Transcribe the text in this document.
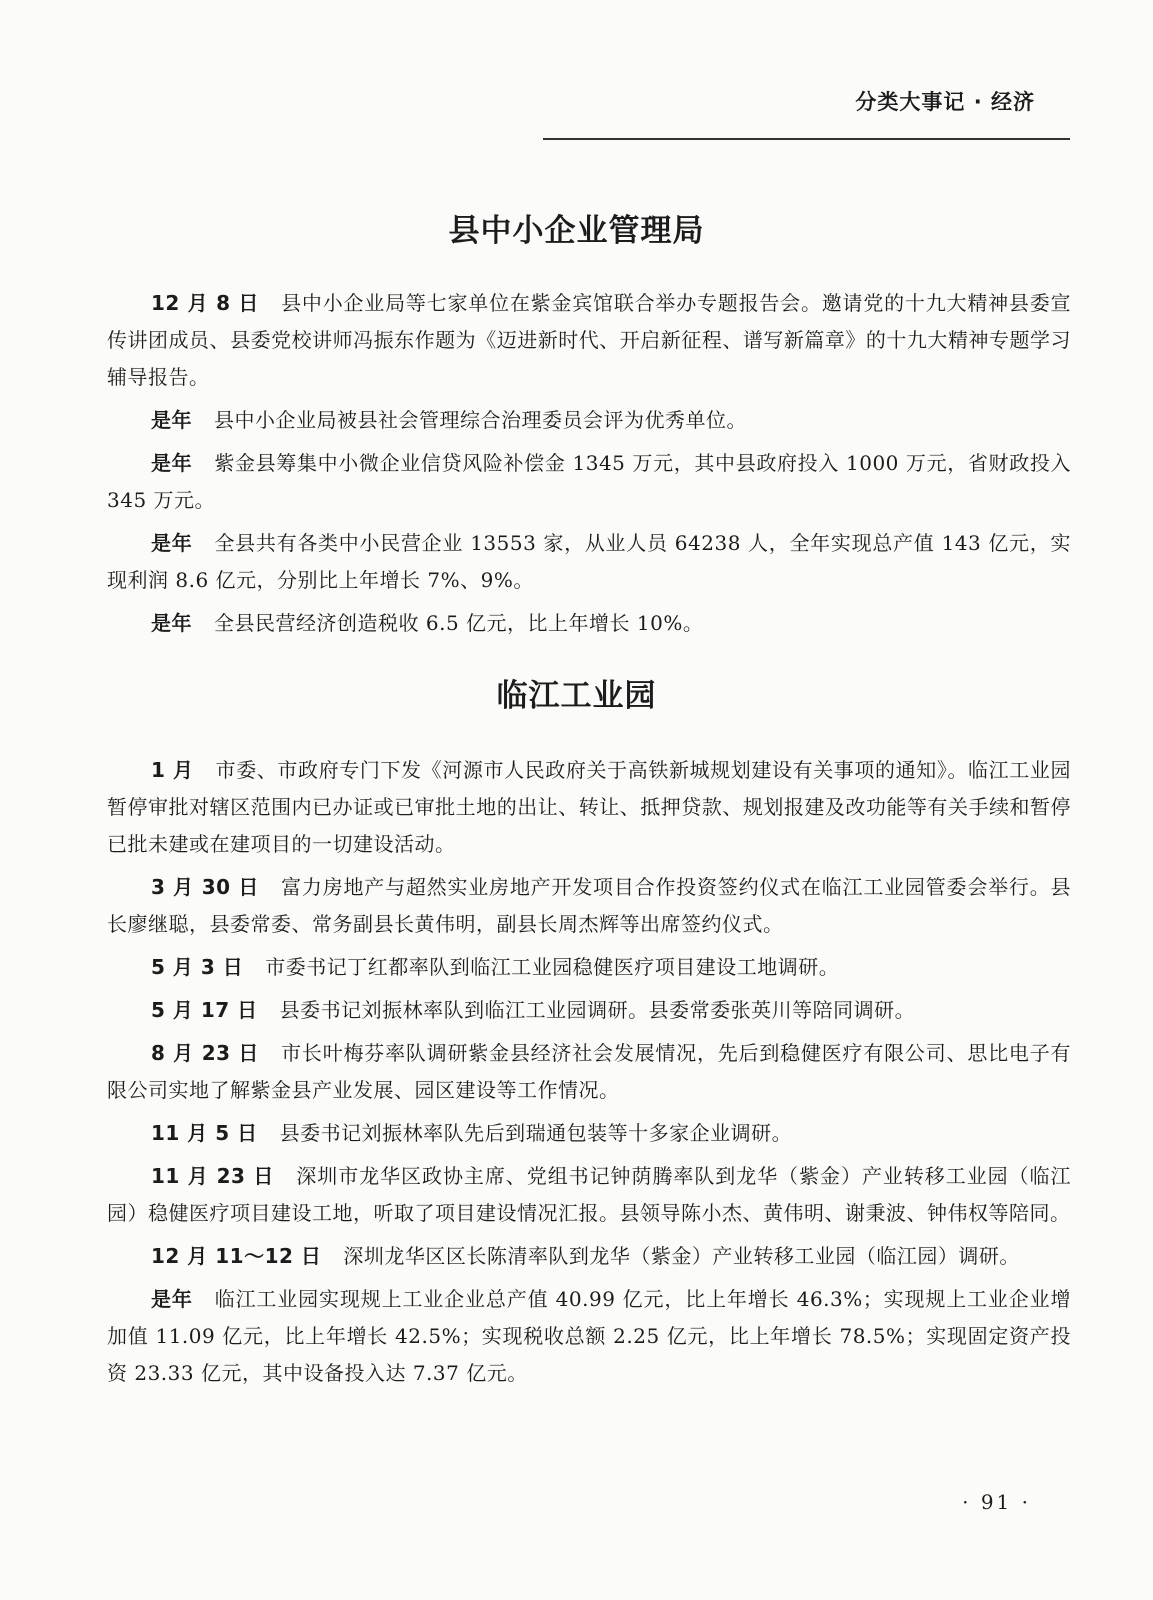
分类大事记 · 经济
县中小企业管理局

12 月 8 日 县中小企业局等七家单位在紫金宾馆联合举办专题报告会。邀请党的十九大精神县委宣传讲团成员、县委党校讲师冯振东作题为《迈进新时代、开启新征程、谱写新篇章》的十九大精神专题学习辅导报告。

是年 县中小企业局被县社会管理综合治理委员会评为优秀单位。

是年 紫金县筹集中小微企业信贷风险补偿金 1345 万元，其中县政府投入 1000 万元，省财政投入 345 万元。

是年 全县共有各类中小民营企业 13553 家，从业人员 64238 人，全年实现总产值 143 亿元，实现利润 8.6 亿元，分别比上年增长 7%、9%。

是年 全县民营经济创造税收 6.5 亿元，比上年增长 10%。

临江工业园

1 月 市委、市政府专门下发《河源市人民政府关于高铁新城规划建设有关事项的通知》。临江工业园暂停审批对辖区范围内已办证或已审批土地的出让、转让、抵押贷款、规划报建及改功能等有关手续和暂停已批未建或在建项目的一切建设活动。

3 月 30 日 富力房地产与超然实业房地产开发项目合作投资签约仪式在临江工业园管委会举行。县长廖继聪，县委常委、常务副县长黄伟明，副县长周杰辉等出席签约仪式。

5 月 3 日 市委书记丁红都率队到临江工业园稳健医疗项目建设工地调研。

5 月 17 日 县委书记刘振林率队到临江工业园调研。县委常委张英川等陪同调研。

8 月 23 日 市长叶梅芬率队调研紫金县经济社会发展情况，先后到稳健医疗有限公司、思比电子有限公司实地了解紫金县产业发展、园区建设等工作情况。

11 月 5 日 县委书记刘振林率队先后到瑞通包装等十多家企业调研。

11 月 23 日 深圳市龙华区政协主席、党组书记钟荫腾率队到龙华（紫金）产业转移工业园（临江园）稳健医疗项目建设工地，听取了项目建设情况汇报。县领导陈小杰、黄伟明、谢秉波、钟伟权等陪同。

12 月 11～12 日 深圳龙华区区长陈清率队到龙华（紫金）产业转移工业园（临江园）调研。

是年 临江工业园实现规上工业企业总产值 40.99 亿元，比上年增长 46.3%；实现规上工业企业增加值 11.09 亿元，比上年增长 42.5%；实现税收总额 2.25 亿元，比上年增长 78.5%；实现固定资产投资 23.33 亿元，其中设备投入达 7.37 亿元。

· 91 ·
